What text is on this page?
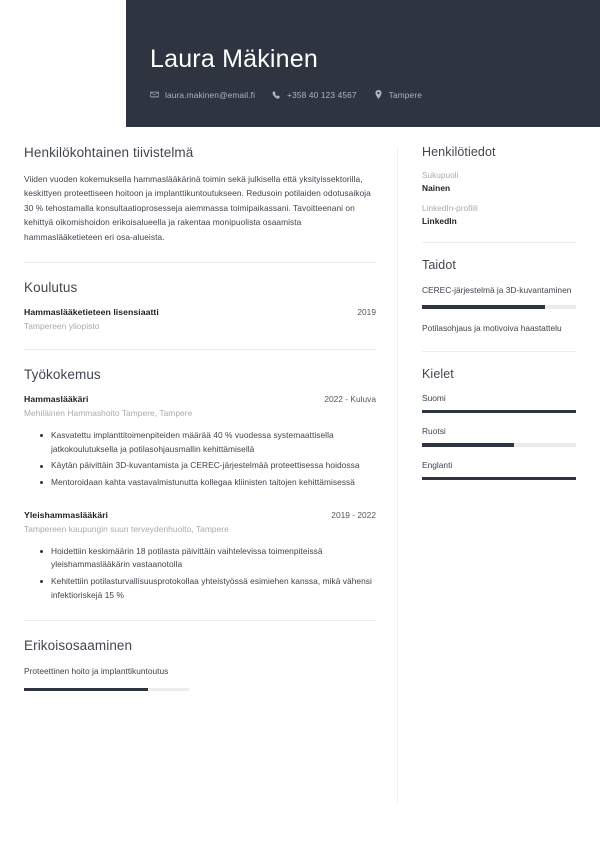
Laura Mäkinen
laura.makinen@email.fi	+358 40 123 4567	Tampere
Henkilökohtainen tiivistelmä

Viiden vuoden kokemuksella hammaslääkärinä toimin sekä julkisella että yksityissektorilla, keskittyen proteettiseen hoitoon ja implanttikuntoutukseen. Redusoin potilaiden odotusaikoja 30 % tehostamalla konsultaatioprosesseja aiemmassa toimipaikassani. Tavoitteenani on kehittyä oikomishoidon erikoisalueella ja rakentaa monipuolista osaamista hammaslääketieteen eri osa-alueista.

Koulutus
Hammaslääketieteen lisensiaatti	2019
Tampereen yliopisto
Työkokemus
Hammaslääkäri	2022 - Kuluva
Mehiläinen Hammashoito Tampere, Tampere
Kasvatettu implanttitoimenpiteiden määrää 40 % vuodessa systemaattisella jatkokoulutuksella ja potilasohjausmallin kehittämisellä
Käytän päivittäin 3D-kuvantamista ja CEREC-järjestelmää proteettisessa hoidossa
Mentoroidaan kahta vastavalmistunutta kollegaa kliinisten taitojen kehittämisessä
Yleishammaslääkäri	2019 - 2022
Tampereen kaupungin suun terveydenhuolto, Tampere
Hoidettiin keskimäärin 18 potilasta päivittäin vaihtelevissa toimenpiteissä yleishammaslääkärin vastaanotolla
Kehitettiin potilasturvallisuusprotokollaa yhteistyössä esimiehen kanssa, mikä vähensi infektioriskejä 15 %
Erikoisosaaminen
Proteettinen hoito ja implanttikuntoutus
Henkilötiedot
Sukupuoli
Nainen
LinkedIn-profiili
LinkedIn
Taidot
CEREC-järjestelmä ja 3D-kuvantaminen
Potilasohjaus ja motivoiva haastattelu
Kielet
Suomi
Ruotsi
Englanti
